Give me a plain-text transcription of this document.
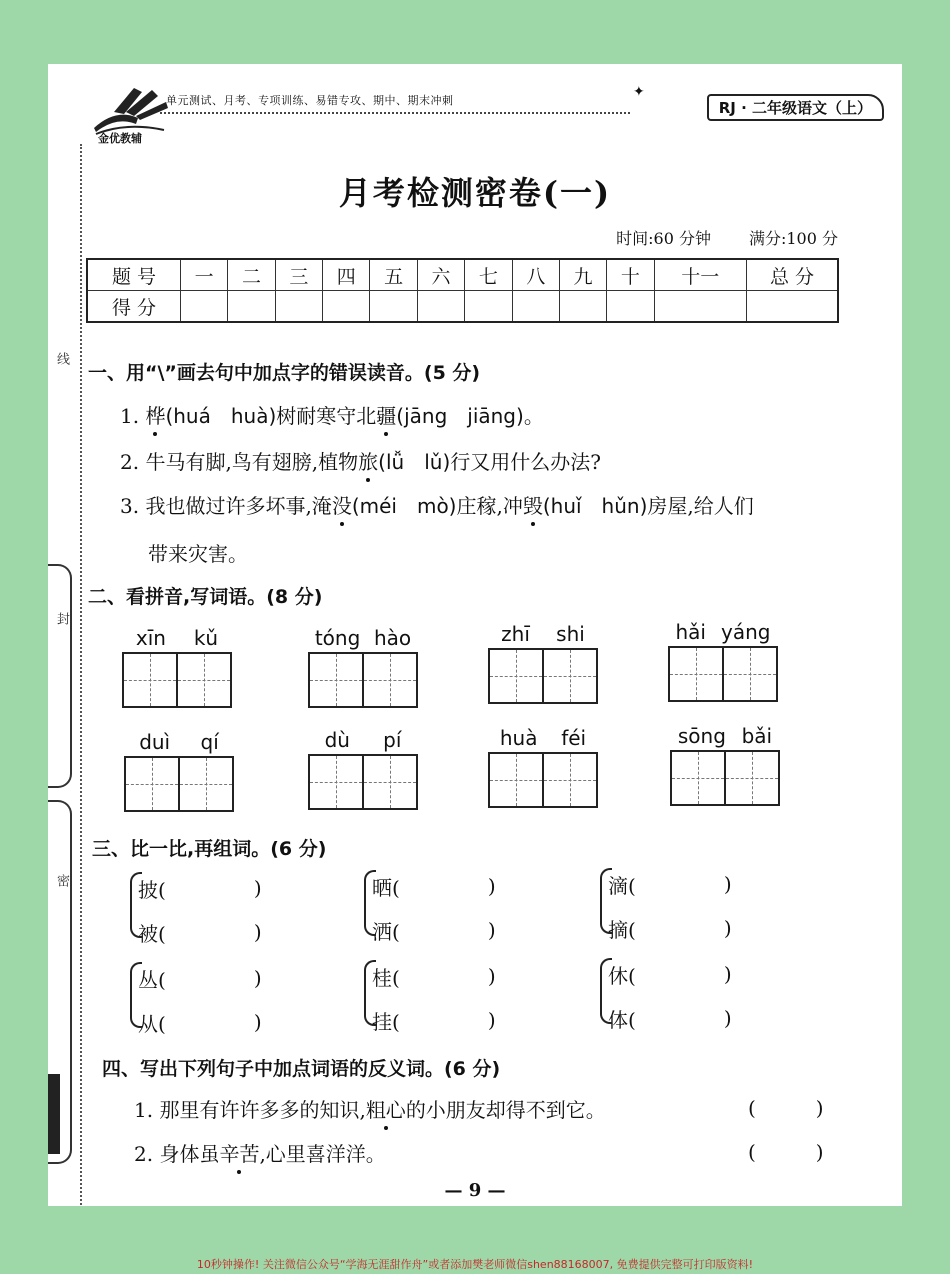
线
封
密
金优教辅
单元测试、月考、专项训练、易错专攻、期中、期末冲刺
✦
RJ · 二年级语文（上）
月考检测密卷(一)
时间:60 分钟 满分:100 分
题 号	一	二	三	四	五	六	七	八	九	十	十一	总 分
得 分												
一、用“\”画去句中加点字的错误读音。(5 分)
1. 桦(huá　huà)树耐寒守北疆(jāng　jiāng)。
2. 牛马有脚,鸟有翅膀,植物旅(lǚ　lǔ)行又用什么办法?
3. 我也做过许多坏事,淹没(méi　mò)庄稼,冲毁(huǐ　hǔn)房屋,给人们
带来灾害。
二、看拼音,写词语。(8 分)
xīn kǔ	tóng hào	zhī shi	hǎi yáng
duì qí	dù pí	huà féi	sōng bǎi
三、比一比,再组词。(6 分)
披(	)
被(	)
晒(	)
洒(	)
滴(	)
摘(	)
丛(	)
从(	)
桂(	)
挂(	)
休(	)
体(	)
四、写出下列句子中加点词语的反义词。(6 分)
1. 那里有许许多多的知识,粗心的小朋友却得不到它。	(　　　)
2. 身体虽辛苦,心里喜洋洋。	(　　　)
— 9 —
10秒钟操作! 关注微信公众号“学海无涯甜作舟”或者添加樊老师微信shen88168007, 免费提供完整可打印版资料!
